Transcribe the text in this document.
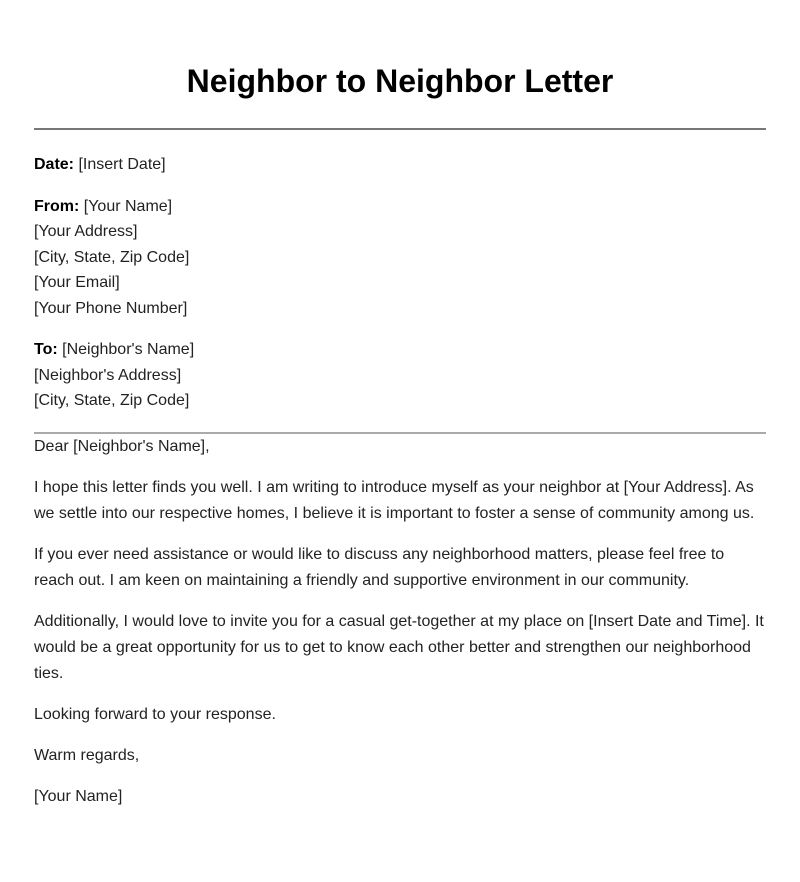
Neighbor to Neighbor Letter

Date: [Insert Date]

From: [Your Name]

[Your Address]

[City, State, Zip Code]

[Your Email]

[Your Phone Number]

To: [Neighbor's Name]

[Neighbor's Address]

[City, State, Zip Code]

Dear [Neighbor's Name],

I hope this letter finds you well. I am writing to introduce myself as your neighbor at [Your Address]. As we settle into our respective homes, I believe it is important to foster a sense of community among us.

If you ever need assistance or would like to discuss any neighborhood matters, please feel free to reach out. I am keen on maintaining a friendly and supportive environment in our community.

Additionally, I would love to invite you for a casual get-together at my place on [Insert Date and Time]. It would be a great opportunity for us to get to know each other better and strengthen our neighborhood ties.

Looking forward to your response.

Warm regards,

[Your Name]
